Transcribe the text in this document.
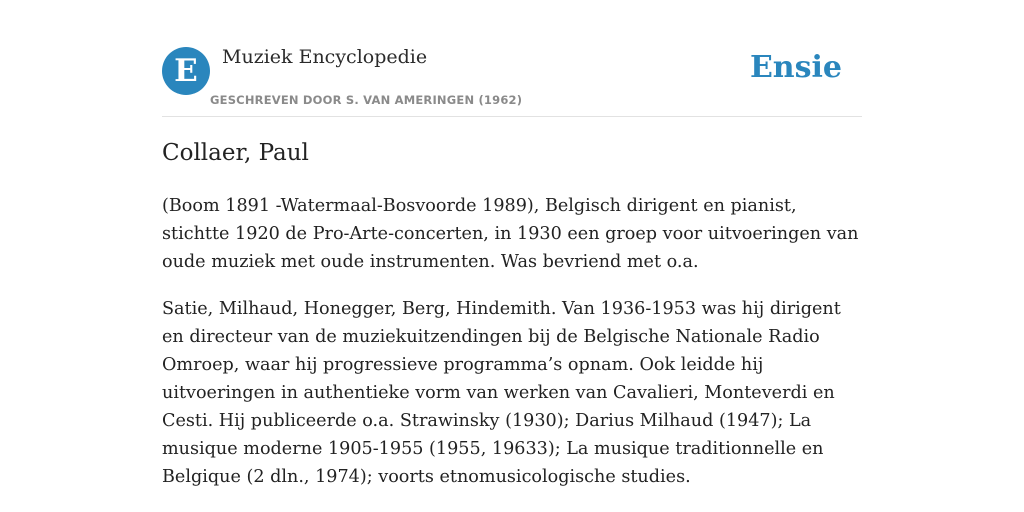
E	Muziek Encyclopedie
GESCHREVEN DOOR S. VAN AMERINGEN (1962)
Ensie
Collaer, Paul

(Boom 1891 -Watermaal-Bosvoorde 1989), Belgisch dirigent en pianist, stichtte 1920 de Pro-Arte-concerten, in 1930 een groep voor uitvoeringen van oude muziek met oude instrumenten. Was bevriend met o.a.

Satie, Milhaud, Honegger, Berg, Hindemith. Van 1936-1953 was hij dirigent en directeur van de muziekuitzendingen bij de Belgische Nationale Radio Omroep, waar hij progressieve programma’s opnam. Ook leidde hij uitvoeringen in authentieke vorm van werken van Cavalieri, Monteverdi en Cesti. Hij publiceerde o.a. Strawinsky (1930); Darius Milhaud (1947); La musique moderne 1905-1955 (1955, 19633); La musique traditionnelle en Belgique (2 dln., 1974); voorts etnomusicologische studies.
